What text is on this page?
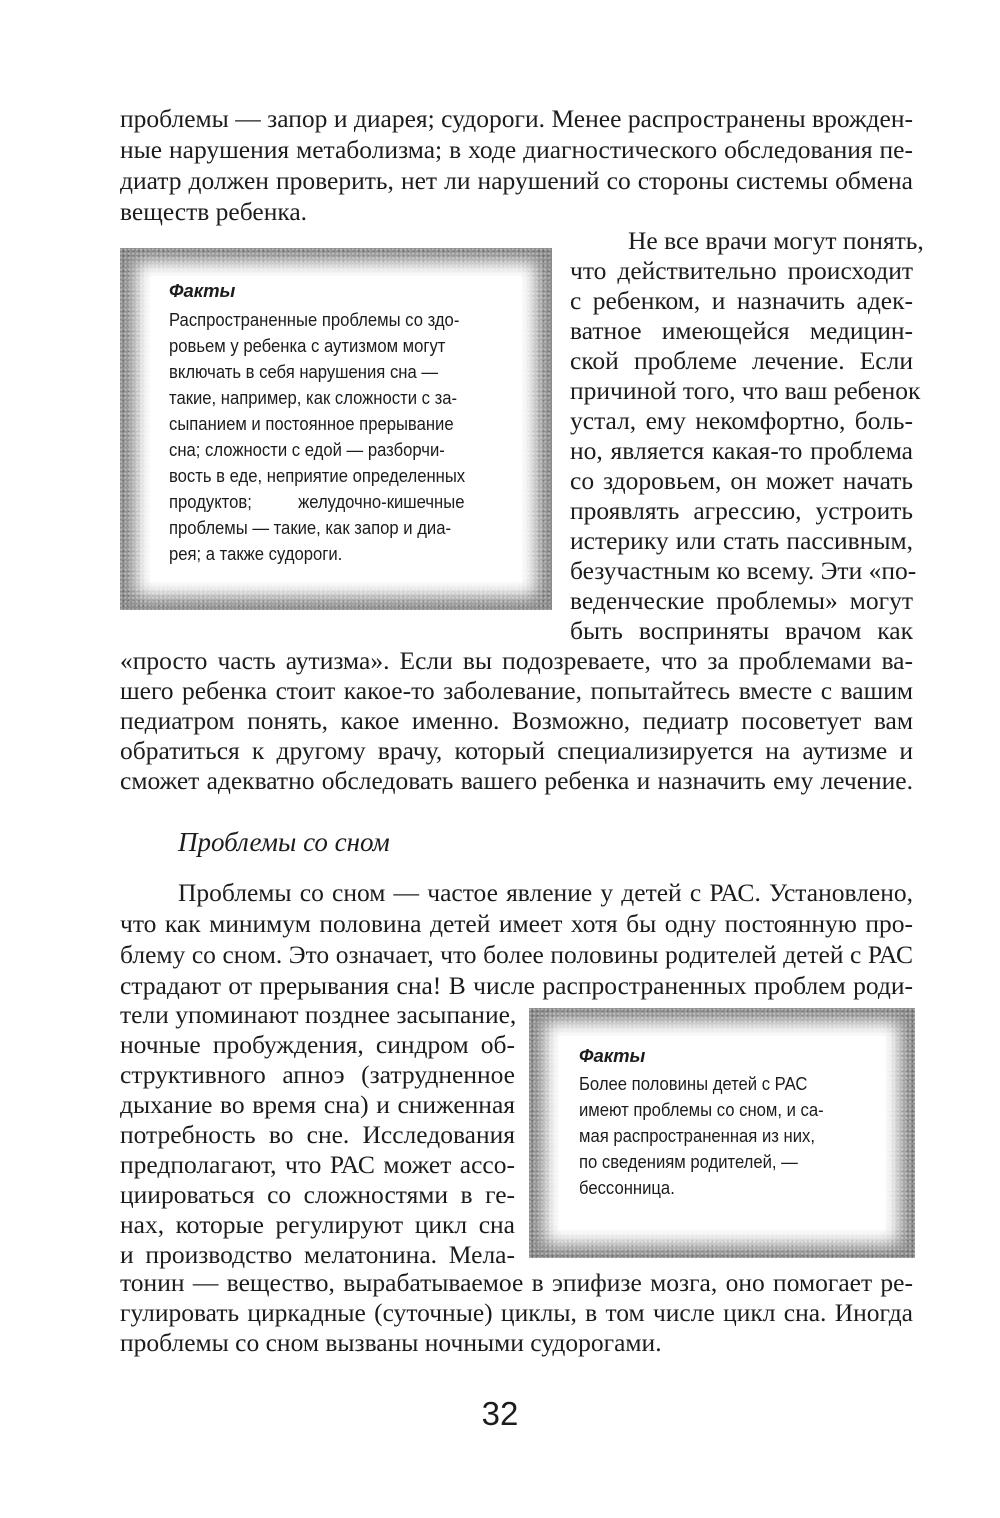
проблемы — запор и диарея; судороги. Менее распространены врожден-
ные нарушения метаболизма; в ходе диагностического обследования пе-
диатр должен проверить, нет ли нарушений со стороны системы обмена
веществ ребенка.
Факты
Распространенные проблемы со здо-
ровьем у ребенка с аутизмом могут
включать в себя нарушения сна —
такие, например, как сложности с за-
сыпанием и постоянное прерывание
сна; сложности с едой — разборчи-
вость в еде, неприятие определенных
продуктов;          желудочно-кишечные
проблемы — такие, как запор и диа-
рея; а также судороги.
Не все врачи могут понять,
что действительно происходит
с ребенком, и назначить адек-
ватное имеющейся медицин-
ской проблеме лечение. Если
причиной того, что ваш ребенок
устал, ему некомфортно, боль-
но, является какая-то проблема
со здоровьем, он может начать
проявлять агрессию, устроить
истерику или стать пассивным,
безучастным ко всему. Эти «по-
веденческие проблемы» могут
быть восприняты врачом как
«просто часть аутизма». Если вы подозреваете, что за проблемами ва-
шего ребенка стоит какое-то заболевание, попытайтесь вместе с вашим
педиатром понять, какое именно. Возможно, педиатр посоветует вам
обратиться к другому врачу, который специализируется на аутизме и
сможет адекватно обследовать вашего ребенка и назначить ему лечение.
Проблемы со сном
Проблемы со сном — частое явление у детей с РАС. Установлено,
что как минимум половина детей имеет хотя бы одну постоянную про-
блему со сном. Это означает, что более половины родителей детей с РАС
страдают от прерывания сна! В числе распространенных проблем роди-
тели упоминают позднее засыпание,
ночные пробуждения, синдром об-
структивного апноэ (затрудненное
дыхание во время сна) и сниженная
потребность во сне. Исследования
предполагают, что РАС может ассо-
циироваться со сложностями в ге-
нах, которые регулируют цикл сна
и производство мелатонина. Мела-
тонин — вещество, вырабатываемое в эпифизе мозга, оно помогает ре-
гулировать циркадные (суточные) циклы, в том числе цикл сна. Иногда
проблемы со сном вызваны ночными судорогами.
Факты
Более половины детей с РАС
имеют проблемы со сном, и са-
мая распространенная из них,
по сведениям родителей, —
бессонница.
32
